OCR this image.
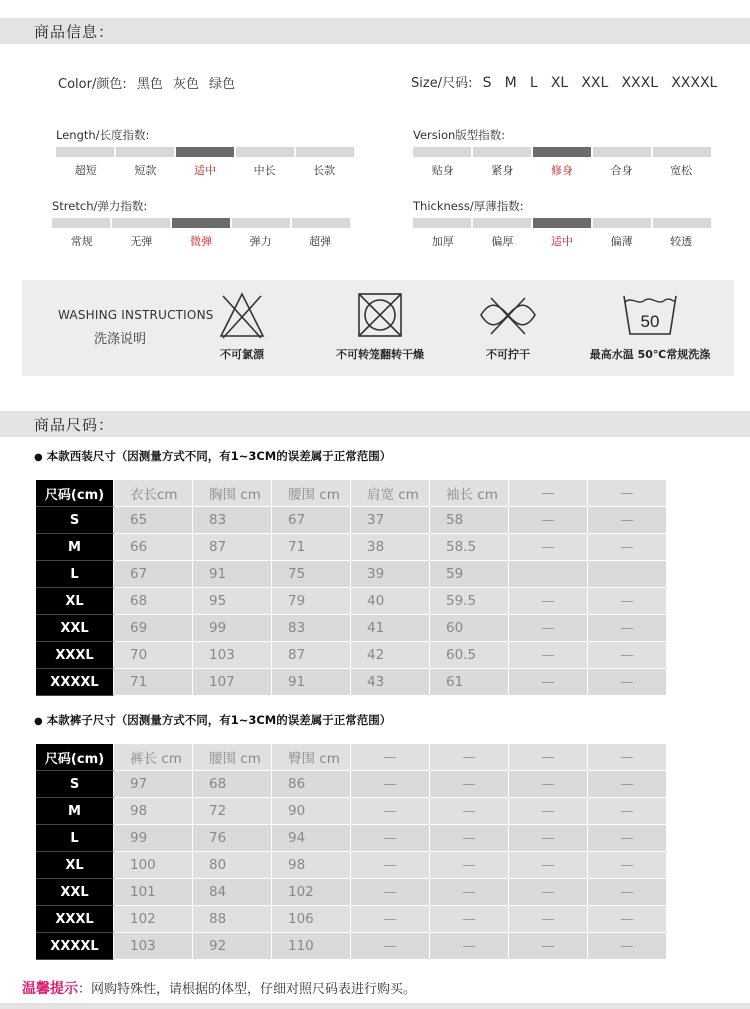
商品信息：
Color/颜色: 黑色 灰色 绿色	Size/尺码: S M L XL XXL XXXL XXXXL
Length/长度指数:
超短	短款	适中	中长	长款
Version版型指数:
贴身	紧身	修身	合身	宽松
Stretch/弹力指数:
常规	无弹	微弹	弹力	超弹
Thickness/厚薄指数:
加厚	偏厚	适中	偏薄	较透
WASHING INSTRUCTIONS
洗涤说明
不可氯漂	不可转笼翻转干燥	不可拧干
50
最高水温 50℃常规洗涤
商品尺码：
● 本款西装尺寸（因测量方式不同，有1~3CM的误差属于正常范围）
尺码(cm)	衣长cm	胸围 cm	腰围 cm	肩宽 cm	袖长 cm	—	—
S	65	83	67	37	58	—	—
M	66	87	71	38	58.5	—	—
L	67	91	75	39	59		
XL	68	95	79	40	59.5	—	—
XXL	69	99	83	41	60	—	—
XXXL	70	103	87	42	60.5	—	—
XXXXL	71	107	91	43	61	—	—
● 本款裤子尺寸（因测量方式不同，有1~3CM的误差属于正常范围）
尺码(cm)	裤长 cm	腰围 cm	臀围 cm	—	—	—	—
S	97	68	86	—	—	—	—
M	98	72	90	—	—	—	—
L	99	76	94	—	—	—	—
XL	100	80	98	—	—	—	—
XXL	101	84	102	—	—	—	—
XXXL	102	88	106	—	—	—	—
XXXXL	103	92	110	—	—	—	—
温馨提示：网购特殊性，请根据的体型，仔细对照尺码表进行购买。
